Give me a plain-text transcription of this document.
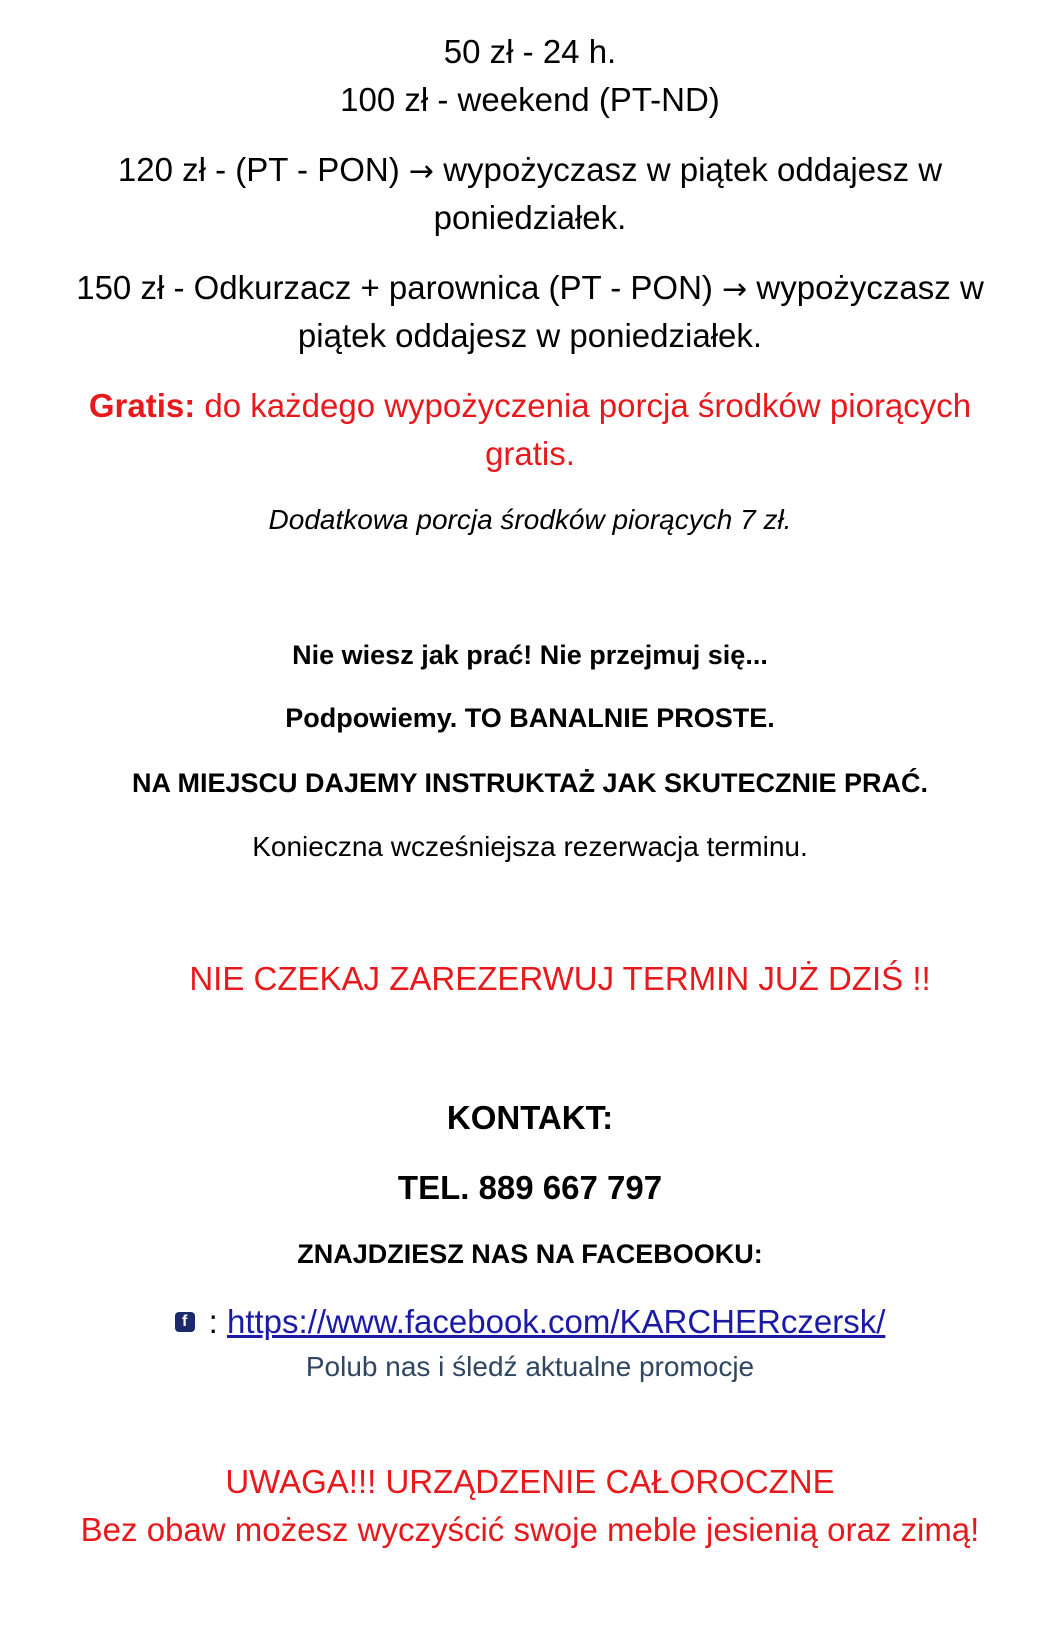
50 zł - 24 h.
100 zł - weekend (PT-ND)
120 zł - (PT - PON) → wypożyczasz w piątek oddajesz w
poniedziałek.
150 zł - Odkurzacz + parownica (PT - PON) → wypożyczasz w
piątek oddajesz w poniedziałek.
Gratis: do każdego wypożyczenia porcja środków piorących
gratis.
Dodatkowa porcja środków piorących 7 zł.
Nie wiesz jak prać! Nie przejmuj się...
Podpowiemy. TO BANALNIE PROSTE.
NA MIEJSCU DAJEMY INSTRUKTAŻ JAK SKUTECZNIE PRAĆ.
Konieczna wcześniejsza rezerwacja terminu.
NIE CZEKAJ ZAREZERWUJ TERMIN JUŻ DZIŚ !!
KONTAKT:
TEL. 889 667 797
ZNAJDZIESZ NAS NA FACEBOOKU:
f : https://www.facebook.com/KARCHERczersk/
Polub nas i śledź aktualne promocje
UWAGA!!! URZĄDZENIE CAŁOROCZNE
Bez obaw możesz wyczyścić swoje meble jesienią oraz zimą!
